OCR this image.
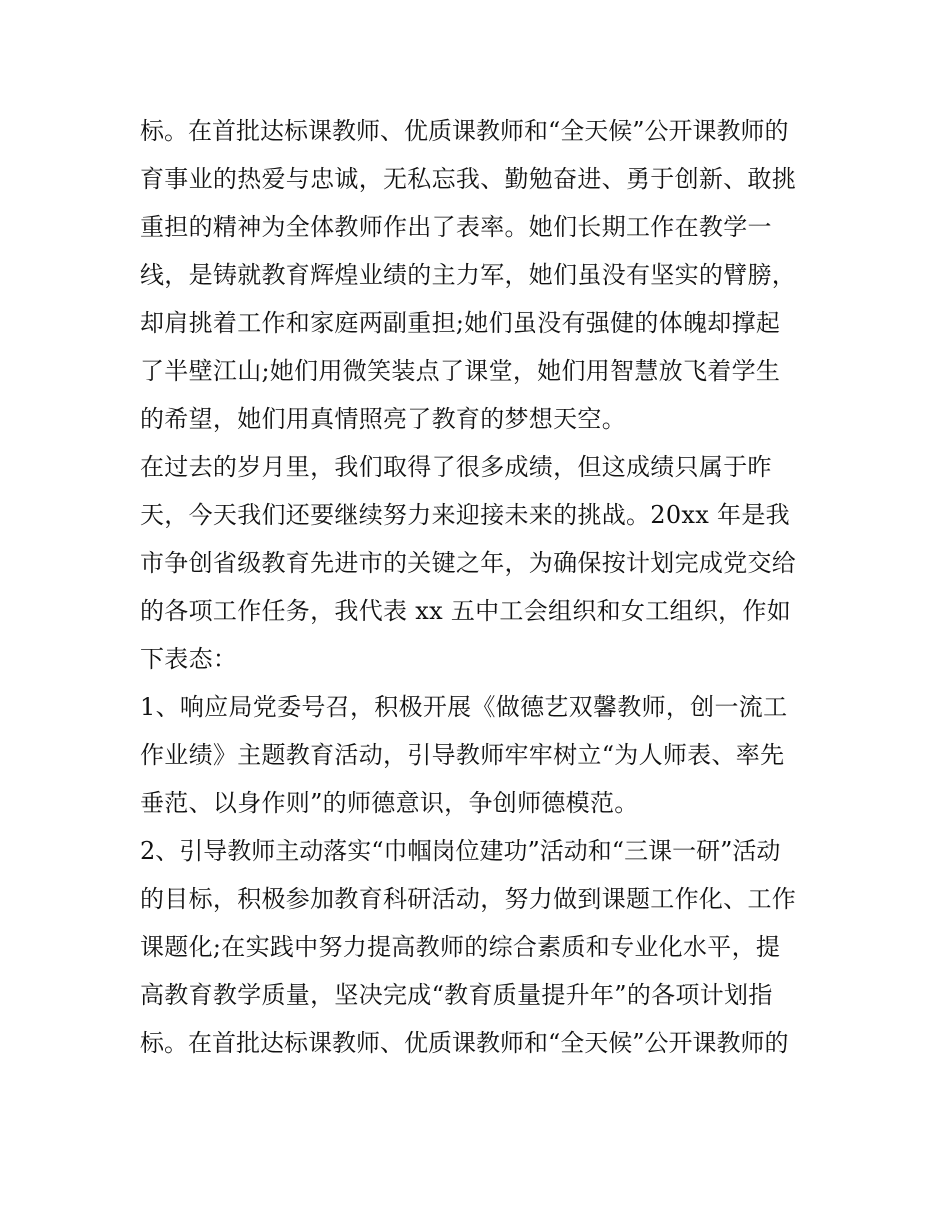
标。在首批达标课教师、优质课教师和“全天候”公开课教师的

育事业的热爱与忠诚，无私忘我、勤勉奋进、勇于创新、敢挑

重担的精神为全体教师作出了表率。她们长期工作在教学一

线，是铸就教育辉煌业绩的主力军，她们虽没有坚实的臂膀，

却肩挑着工作和家庭两副重担;她们虽没有强健的体魄却撑起

了半壁江山;她们用微笑装点了课堂，她们用智慧放飞着学生

的希望，她们用真情照亮了教育的梦想天空。

在过去的岁月里，我们取得了很多成绩，但这成绩只属于昨

天，今天我们还要继续努力来迎接未来的挑战。20xx 年是我

市争创省级教育先进市的关键之年，为确保按计划完成党交给

的各项工作任务，我代表 xx 五中工会组织和女工组织，作如

下表态：

1、响应局党委号召，积极开展《做德艺双馨教师，创一流工

作业绩》主题教育活动，引导教师牢牢树立“为人师表、率先

垂范、以身作则”的师德意识，争创师德模范。

2、引导教师主动落实“巾帼岗位建功”活动和“三课一研”活动

的目标，积极参加教育科研活动，努力做到课题工作化、工作

课题化;在实践中努力提高教师的综合素质和专业化水平，提

高教育教学质量，坚决完成“教育质量提升年”的各项计划指

标。在首批达标课教师、优质课教师和“全天候”公开课教师的
